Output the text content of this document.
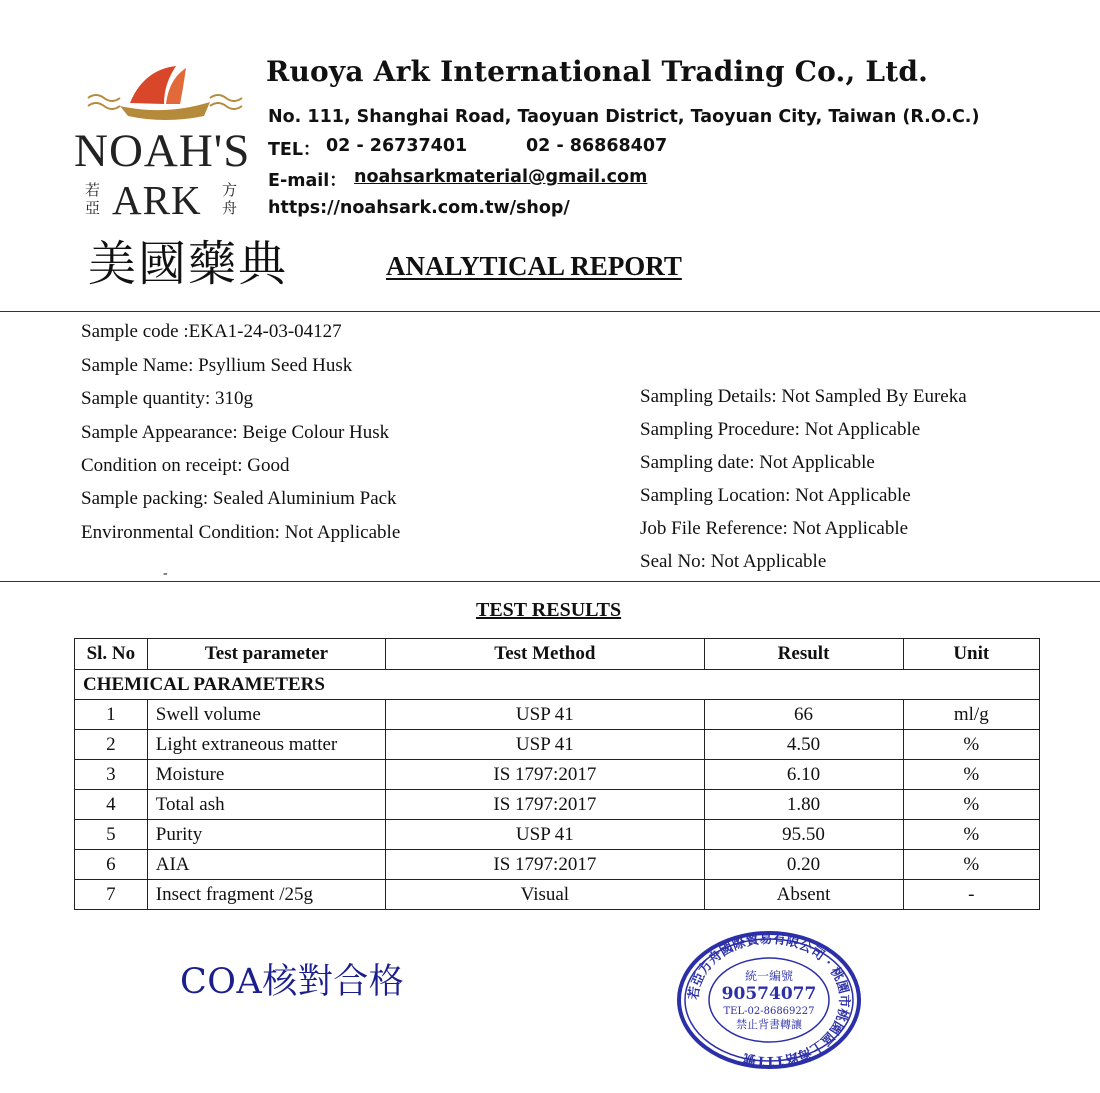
NOAH'S
ARK
若
亞
方
舟
Ruoya Ark International Trading Co., Ltd.
No. 111, Shanghai Road, Taoyuan District, Taoyuan City, Taiwan (R.O.C.)
TEL： 02 - 26737401	02 - 86868407
E-mail： noahsarkmaterial@gmail.com
https://noahsark.com.tw/shop/
美國藥典	ANALYTICAL REPORT
Sample code :EKA1-24-03-04127
Sample Name: Psyllium Seed Husk
Sample quantity: 310g
Sample Appearance: Beige Colour Husk
Condition on receipt: Good
Sample packing: Sealed Aluminium Pack
Environmental Condition: Not Applicable
Sampling Details: Not Sampled By Eureka
Sampling Procedure: Not Applicable
Sampling date: Not Applicable
Sampling Location: Not Applicable
Job File Reference: Not Applicable
Seal No: Not Applicable
-
TEST RESULTS
Sl. No	Test parameter	Test Method	Result	Unit
CHEMICAL PARAMETERS				
1	Swell volume	USP 41	66	ml/g
2	Light extraneous matter	USP 41	4.50	%
3	Moisture	IS 1797:2017	6.10	%
4	Total ash	IS 1797:2017	1.80	%
5	Purity	USP 41	95.50	%
6	AIA	IS 1797:2017	0.20	%
7	Insect fragment /25g	Visual	Absent	-
COA核對合格	若亞方舟國際貿易有限公司 · 桃園市桃園區上海路111號
統一編號
90574077
TEL-02-86869227
禁止背書轉讓
